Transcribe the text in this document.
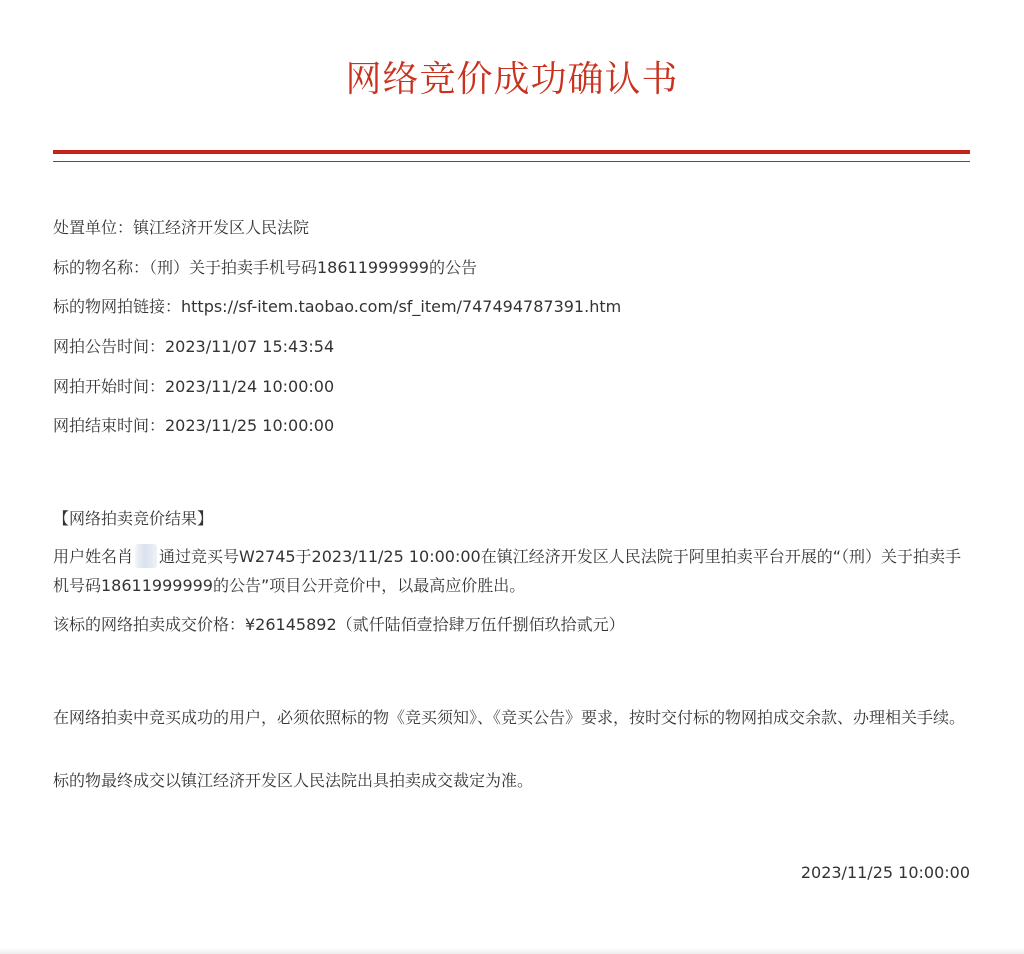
网络竞价成功确认书
处置单位：镇江经济开发区人民法院
标的物名称：（刑）关于拍卖手机号码18611999999的公告
标的物网拍链接：https://sf-item.taobao.com/sf_item/747494787391.htm
网拍公告时间：2023/11/07 15:43:54
网拍开始时间：2023/11/24 10:00:00
网拍结束时间：2023/11/25 10:00:00
【网络拍卖竞价结果】
用户姓名肖 通过竞买号W2745于2023/11/25 10:00:00在镇江经济开发区人民法院于阿里拍卖平台开展的“（刑）关于拍卖手机号码18611999999的公告”项目公开竞价中，以最高应价胜出。
该标的网络拍卖成交价格：¥26145892（贰仟陆佰壹拾肆万伍仟捌佰玖拾贰元）
在网络拍卖中竞买成功的用户，必须依照标的物《竞买须知》、《竞买公告》要求，按时交付标的物网拍成交余款、办理相关手续。
标的物最终成交以镇江经济开发区人民法院出具拍卖成交裁定为准。
2023/11/25 10:00:00
